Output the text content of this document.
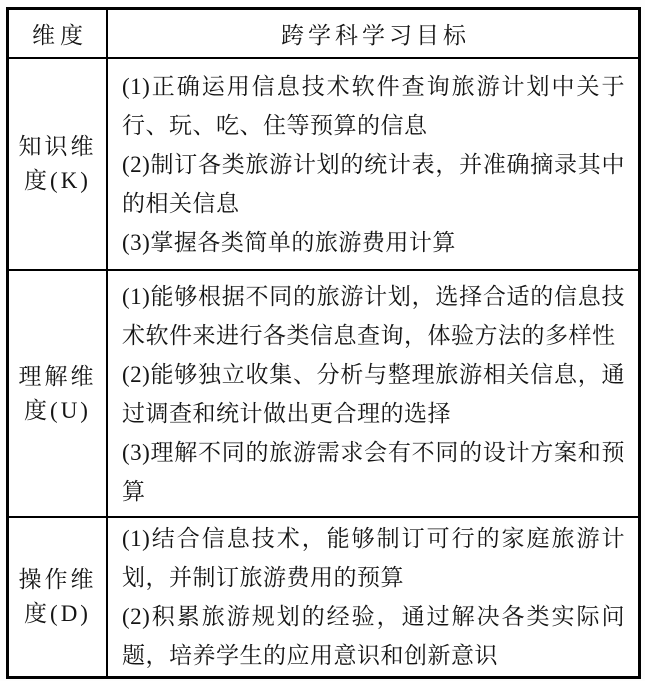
维度	跨学科学习目标
知识维
度(K)

(1)正确运用信息技术软件查询旅游计划中关于行、玩、吃、住等预算的信息

(2)制订各类旅游计划的统计表，并准确摘录其中的相关信息

(3)掌握各类简单的旅游费用计算

理解维
度(U)

(1)能够根据不同的旅游计划，选择合适的信息技术软件来进行各类信息查询，体验方法的多样性

(2)能够独立收集、分析与整理旅游相关信息，通过调查和统计做出更合理的选择

(3)理解不同的旅游需求会有不同的设计方案和预算

操作维
度(D)

(1)结合信息技术，能够制订可行的家庭旅游计划，并制订旅游费用的预算

(2)积累旅游规划的经验，通过解决各类实际问题，培养学生的应用意识和创新意识
